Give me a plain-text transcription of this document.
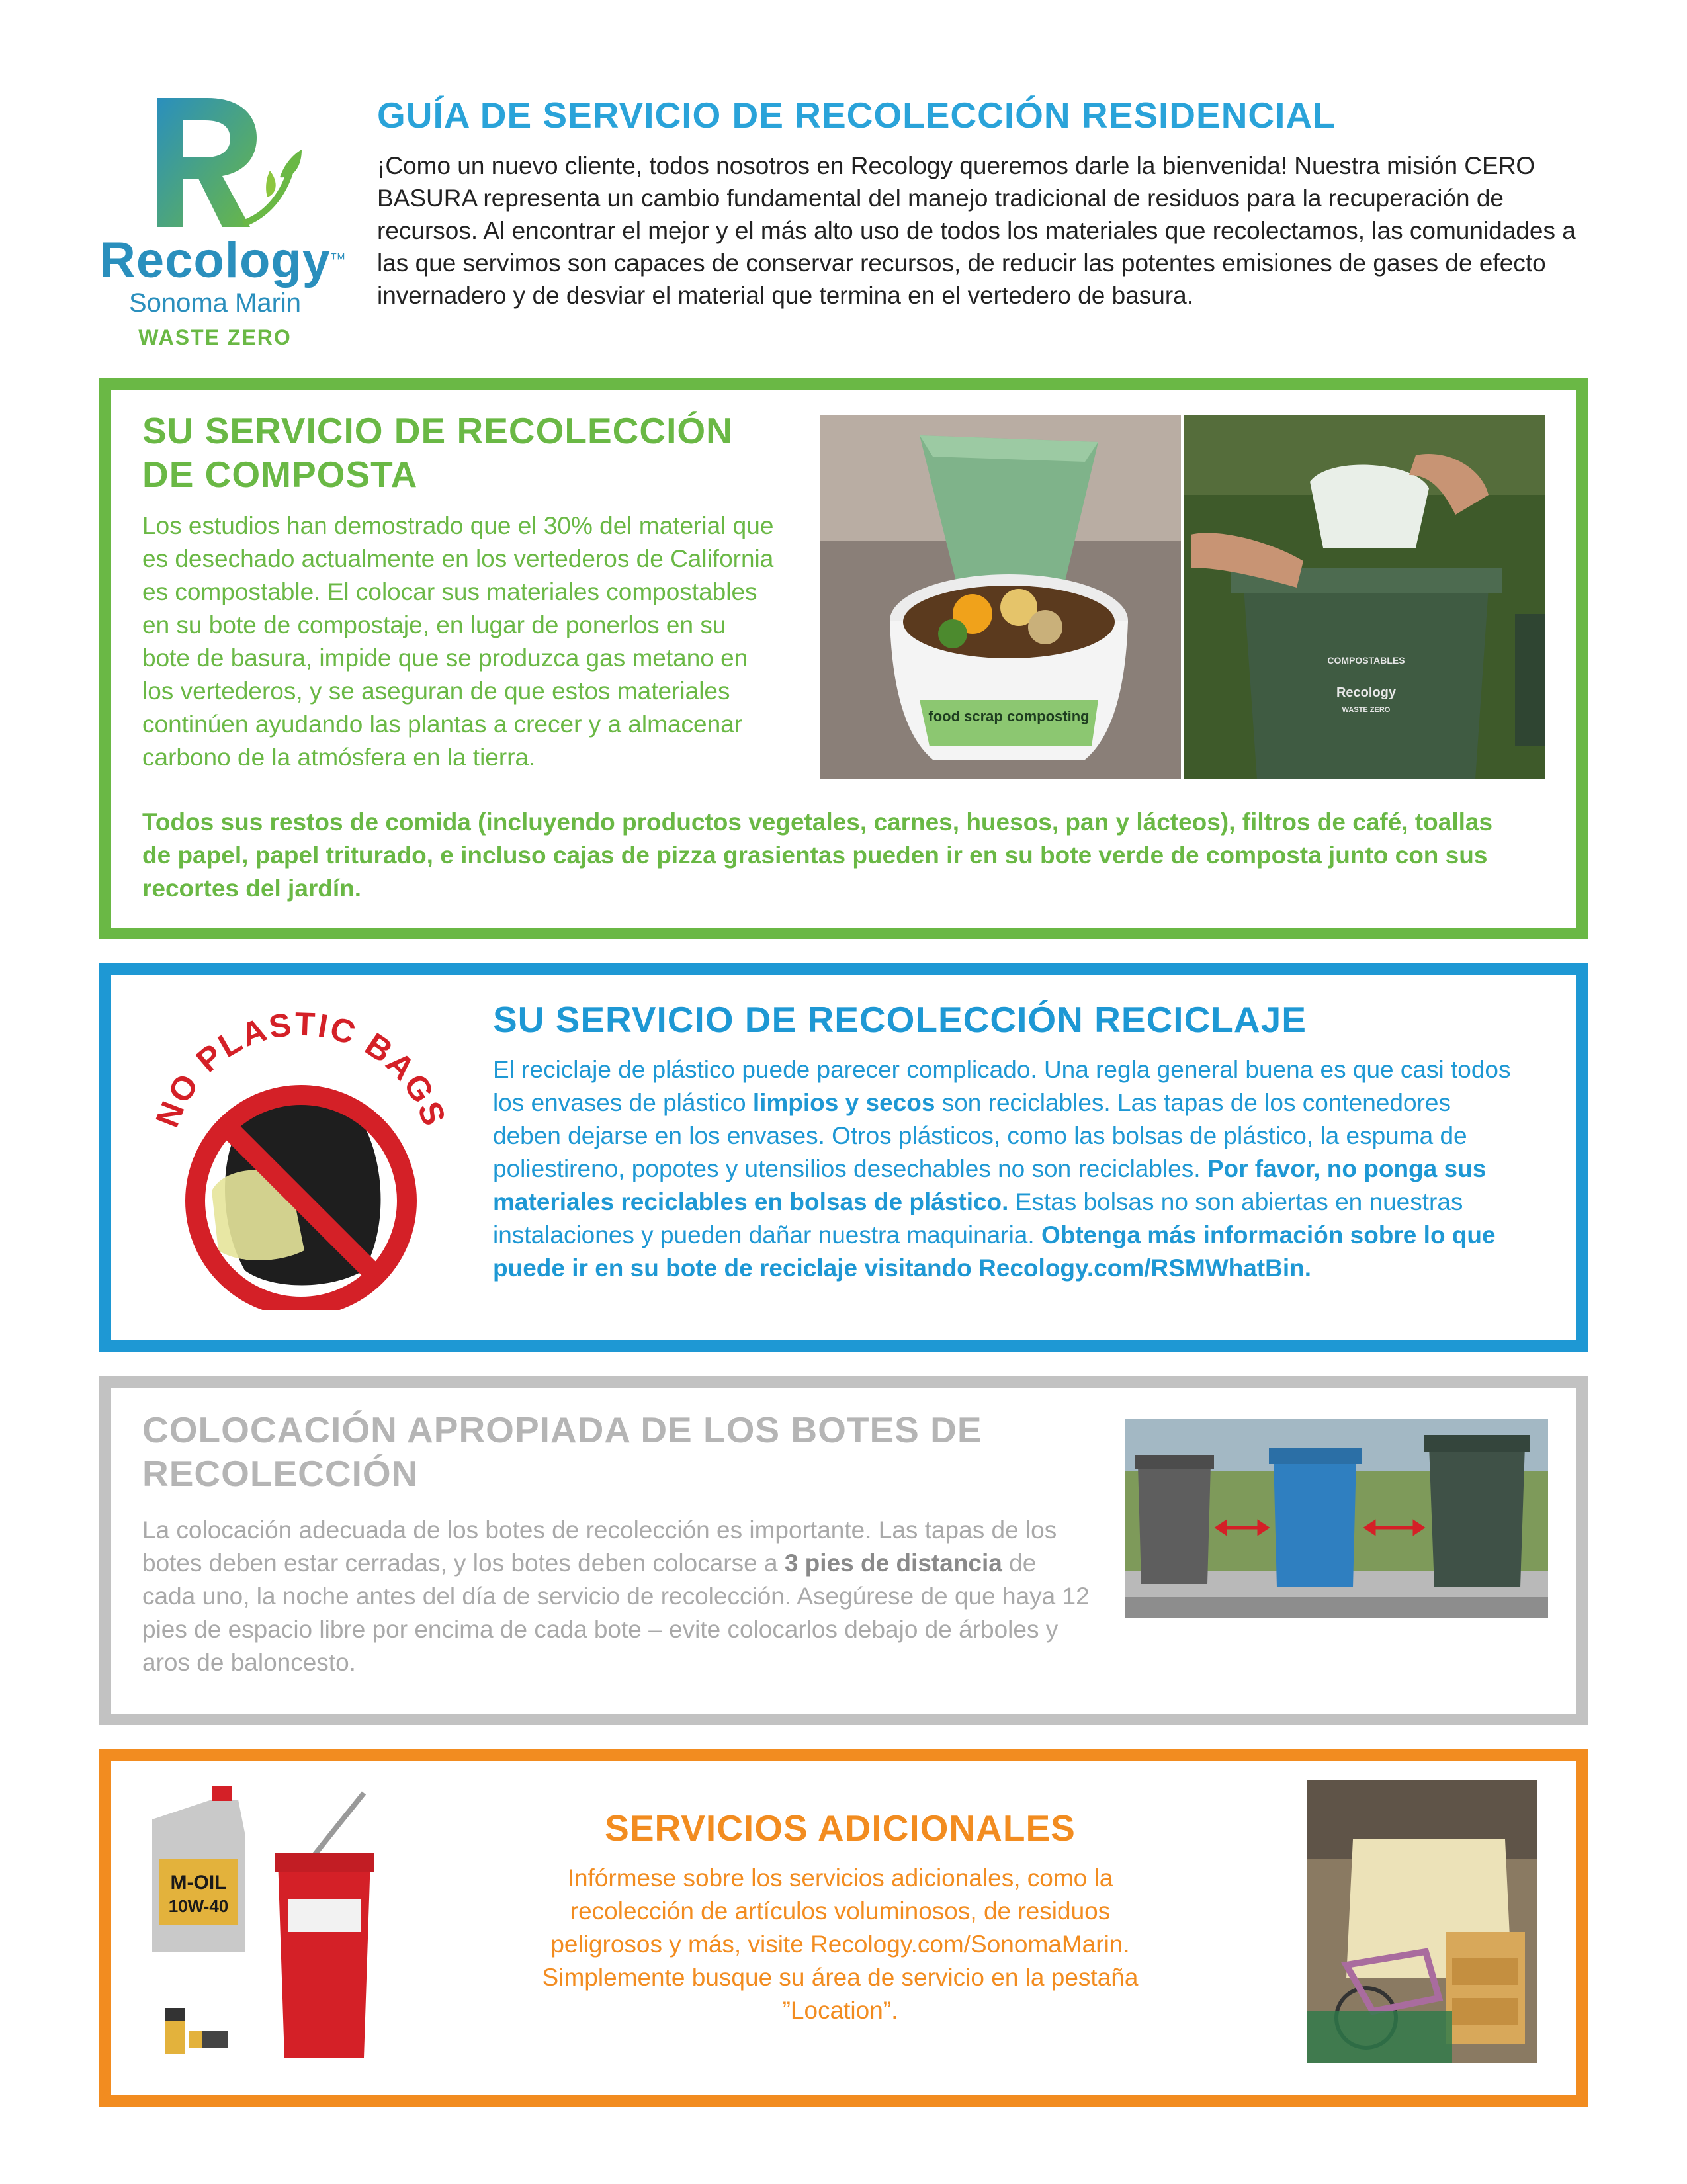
Recology™
Sonoma Marin
WASTE ZERO
GUÍA DE SERVICIO DE RECOLECCIÓN RESIDENCIAL
¡Como un nuevo cliente, todos nosotros en Recology queremos darle la bienvenida! Nuestra misión CERO BASURA representa un cambio fundamental del manejo tradicional de residuos para la recuperación de recursos. Al encontrar el mejor y el más alto uso de todos los materiales que recolectamos, las comunidades a las que servimos son capaces de conservar recursos, de reducir las potentes emisiones de gases de efecto invernadero y de desviar el material que termina en el vertedero de basura.
SU SERVICIO DE RECOLECCIÓN
DE COMPOSTA
Los estudios han demostrado que el 30% del material que es desechado actualmente en los vertederos de California es compostable. El colocar sus materiales compostables en su bote de compostaje, en lugar de ponerlos en su bote de basura, impide que se produzca gas metano en los vertederos, y se aseguran de que estos materiales continúen ayudando las plantas a crecer y a almacenar carbono de la atmósfera en la tierra.
Todos sus restos de comida (incluyendo productos vegetales, carnes, huesos, pan y lácteos), filtros de café, toallas de papel, papel triturado, e incluso cajas de pizza grasientas pueden ir en su bote verde de composta junto con sus recortes del jardín.
food scrap composting
COMPOSTABLES
Recology
WASTE ZERO
NO PLASTIC BAGS
SU SERVICIO DE RECOLECCIÓN RECICLAJE
El reciclaje de plástico puede parecer complicado. Una regla general buena es que casi todos los envases de plástico limpios y secos son reciclables. Las tapas de los contenedores deben dejarse en los envases. Otros plásticos, como las bolsas de plástico, la espuma de poliestireno, popotes y utensilios desechables no son reciclables. Por favor, no ponga sus materiales reciclables en bolsas de plástico. Estas bolsas no son abiertas en nuestras instalaciones y pueden dañar nuestra maquinaria. Obtenga más información sobre lo que puede ir en su bote de reciclaje visitando Recology.com/RSMWhatBin.
COLOCACIÓN APROPIADA DE LOS BOTES DE
RECOLECCIÓN
La colocación adecuada de los botes de recolección es importante. Las tapas de los botes deben estar cerradas, y los botes deben colocarse a 3 pies de distancia de cada uno, la noche antes del día de servicio de recolección. Asegúrese de que haya 12 pies de espacio libre por encima de cada bote – evite colocarlos debajo de árboles y aros de baloncesto.
M-OIL
10W-40
SERVICIOS ADICIONALES
Infórmese sobre los servicios adicionales, como la recolección de artículos voluminosos, de residuos peligrosos y más, visite Recology.com/SonomaMarin. Simplemente busque su área de servicio en la pestaña ”Location”.
